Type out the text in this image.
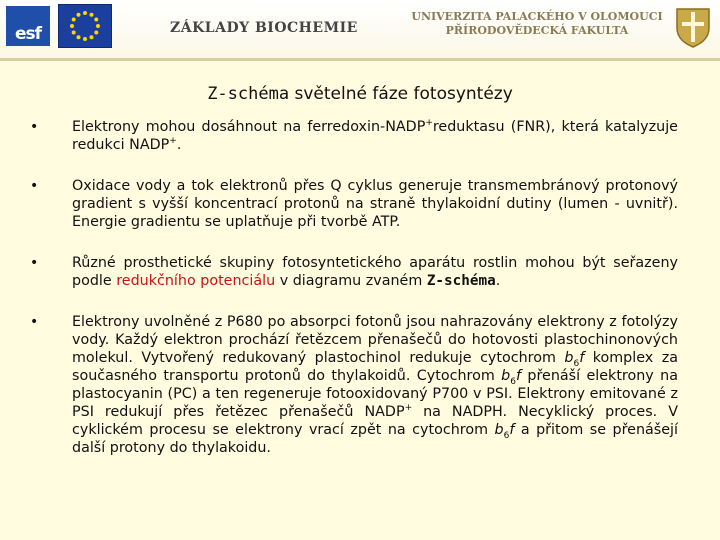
esf	ZÁKLADY BIOCHEMIE
UNIVERZITA PALACKÉHO V OLOMOUCI
PŘÍRODOVĚDECKÁ FAKULTA
Z-schéma světelné fáze fotosyntézy
• Elektrony mohou dosáhnout na ferredoxin-NADP+reduktasu (FNR), která katalyzuje redukci NADP+.
• Oxidace vody a tok elektronů přes Q cyklus generuje transmembránový protonový gradient s vyšší koncentrací protonů na straně thylakoidní dutiny (lumen - uvnitř). Energie gradientu se uplatňuje při tvorbě ATP.
• Různé prosthetické skupiny fotosyntetického aparátu rostlin mohou být seřazeny podle redukčního potenciálu v diagramu zvaném Z-schéma.
• Elektrony uvolněné z P680 po absorpci fotonů jsou nahrazovány elektrony z fotolýzy vody. Každý elektron prochází řetězcem přenašečů do hotovosti plastochinonových molekul. Vytvořený redukovaný plastochinol redukuje cytochrom $b_6f$ komplex za současného transportu protonů do thylakoidů. Cytochrom $b_6f$ přenáší elektrony na plastocyanin (PC) a ten regeneruje fotooxidovaný P700 v PSI. Elektrony emitované z PSI redukují přes řetězec přenašečů NADP+ na NADPH. Necyklický proces. V cyklickém procesu se elektrony vrací zpět na cytochrom $b_6f$ a přitom se přenášejí další protony do thylakoidu.
